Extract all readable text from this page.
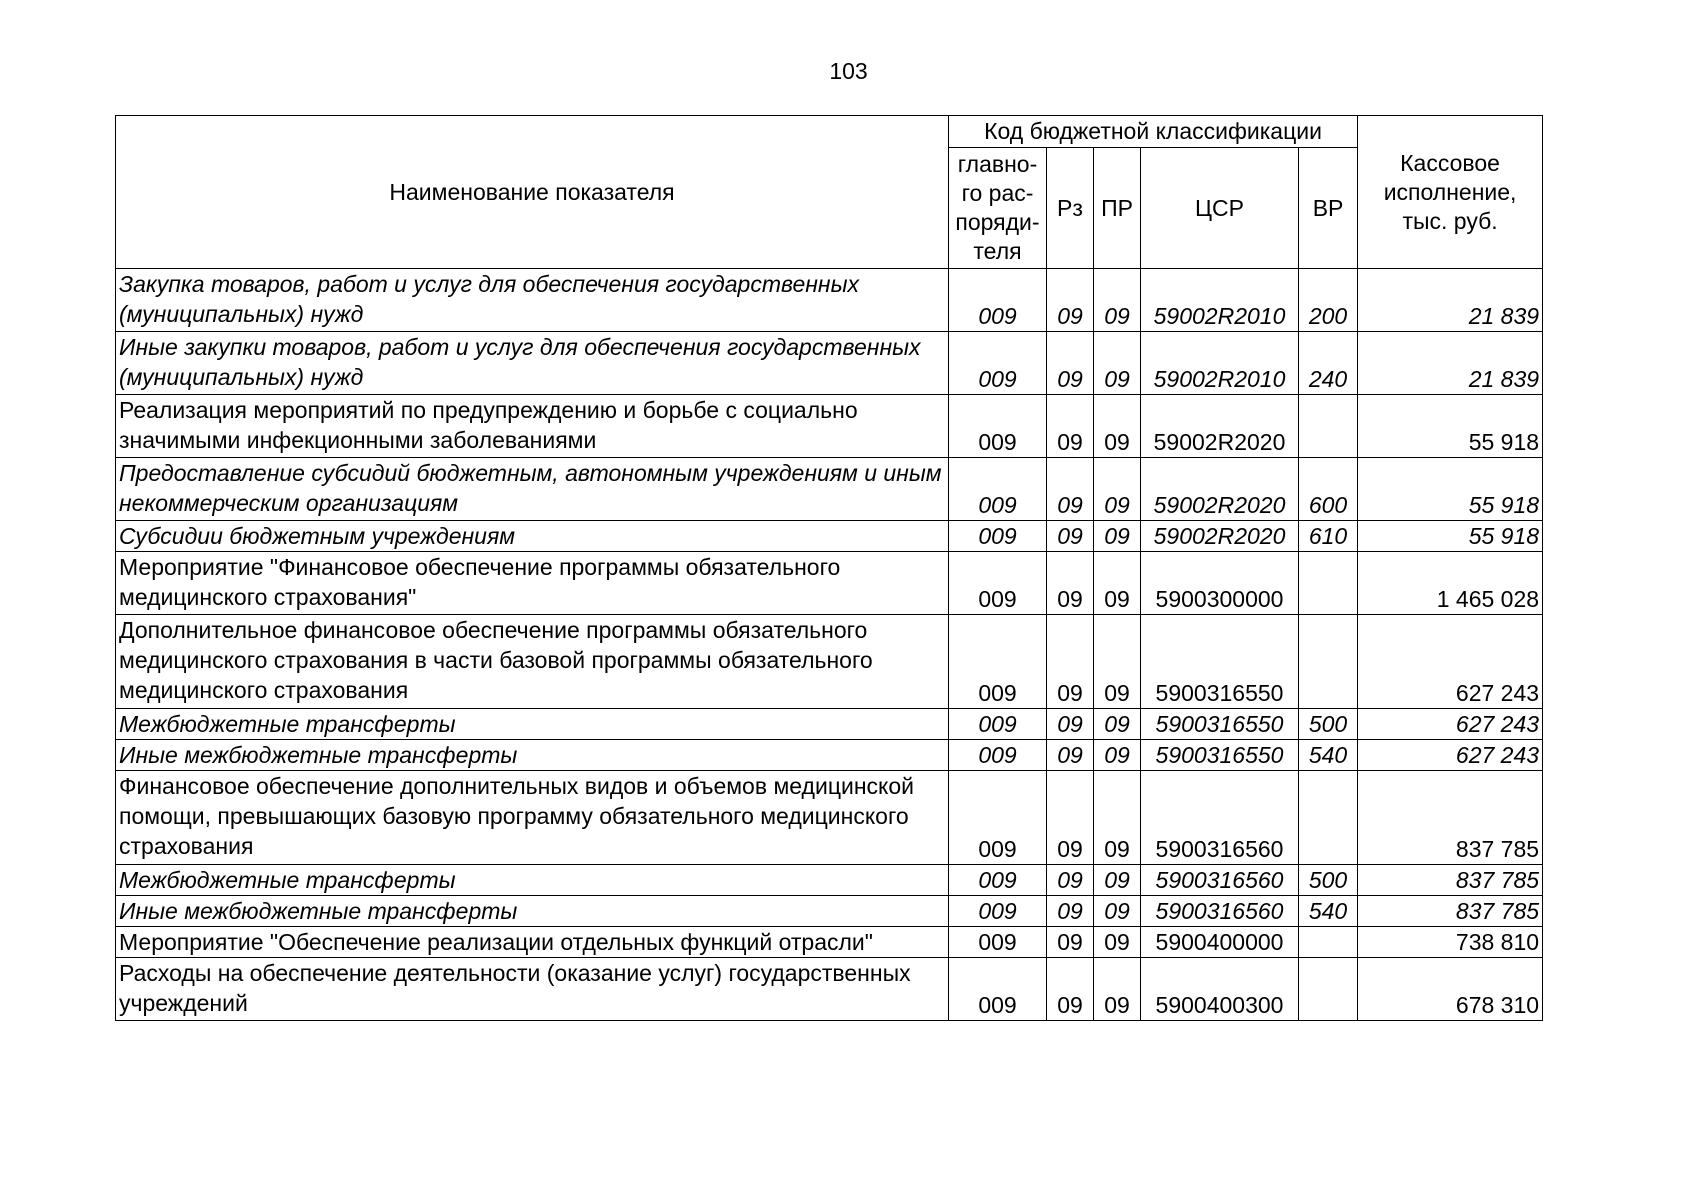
103
Наименование показателя	Код бюджетной классификации					Кассовое исполнение, тыс. руб.
	главно-го рас-поряди-теля	Рз	ПР	ЦСР	ВР	
Закупка товаров, работ и услуг для обеспечения государственных (муниципальных) нужд	009	09	09	59002R2010	200	21 839
Иные закупки товаров, работ и услуг для обеспечения государственных (муниципальных) нужд	009	09	09	59002R2010	240	21 839
Реализация мероприятий по предупреждению и борьбе с социально значимыми инфекционными заболеваниями	009	09	09	59002R2020		55 918
Предоставление субсидий бюджетным, автономным учреждениям и иным некоммерческим организациям	009	09	09	59002R2020	600	55 918
Субсидии бюджетным учреждениям	009	09	09	59002R2020	610	55 918
Мероприятие "Финансовое обеспечение программы обязательного медицинского страхования"	009	09	09	5900300000		1 465 028
Дополнительное финансовое обеспечение программы обязательного медицинского страхования в части базовой программы обязательного медицинского страхования	009	09	09	5900316550		627 243
Межбюджетные трансферты	009	09	09	5900316550	500	627 243
Иные межбюджетные трансферты	009	09	09	5900316550	540	627 243
Финансовое обеспечение дополнительных видов и объемов медицинской помощи, превышающих базовую программу обязательного медицинского страхования	009	09	09	5900316560		837 785
Межбюджетные трансферты	009	09	09	5900316560	500	837 785
Иные межбюджетные трансферты	009	09	09	5900316560	540	837 785
Мероприятие "Обеспечение реализации отдельных функций отрасли"	009	09	09	5900400000		738 810
Расходы на обеспечение деятельности (оказание услуг) государственных учреждений	009	09	09	5900400300		678 310
